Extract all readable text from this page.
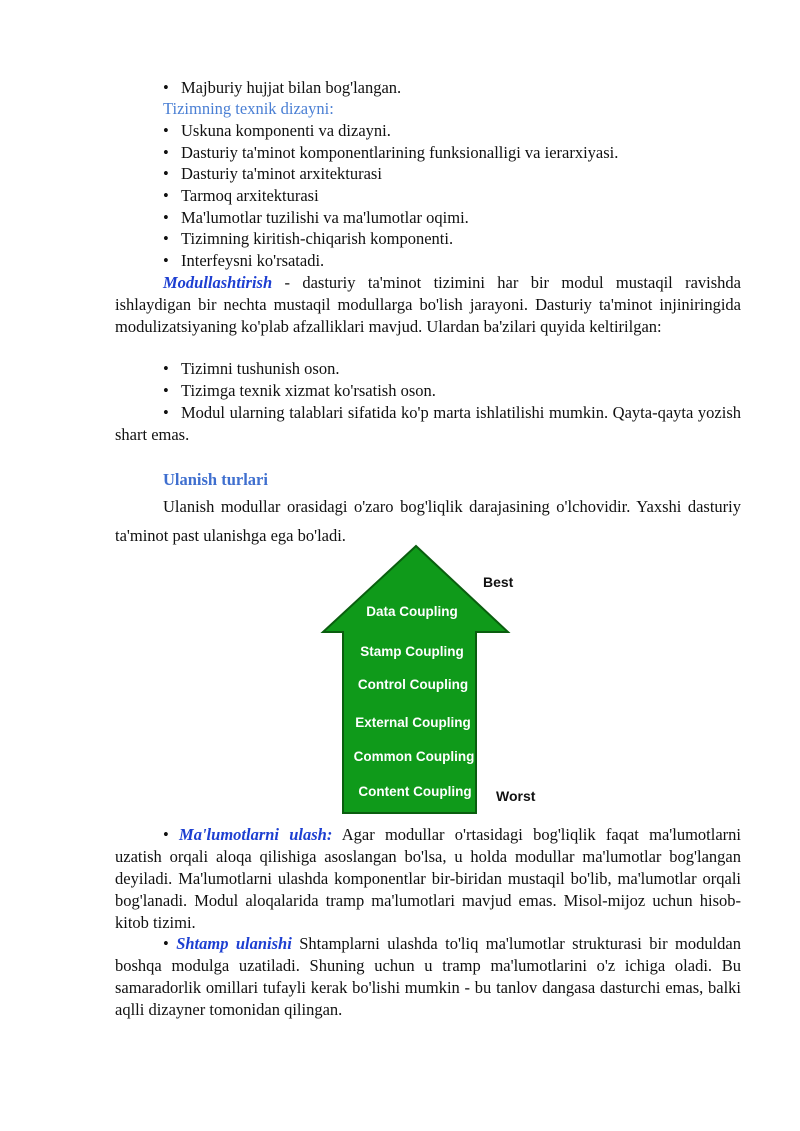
• Majburiy hujjat bilan bog'langan.
Tizimning texnik dizayni:
• Uskuna komponenti va dizayni.
• Dasturiy ta'minot komponentlarining funksionalligi va ierarxiyasi.
• Dasturiy ta'minot arxitekturasi
• Tarmoq arxitekturasi
• Ma'lumotlar tuzilishi va ma'lumotlar oqimi.
• Tizimning kiritish-chiqarish komponenti.
• Interfeysni ko'rsatadi.
Modullashtirish - dasturiy ta'minot tizimini har bir modul mustaqil ravishda ishlaydigan bir nechta mustaqil modullarga bo'lish jarayoni. Dasturiy ta'minot injiniringida modulizatsiyaning ko'plab afzalliklari mavjud. Ulardan ba'zilari quyida keltirilgan:
• Tizimni tushunish oson.
• Tizimga texnik xizmat ko'rsatish oson.
• Modul ularning talablari sifatida ko'p marta ishlatilishi mumkin. Qayta-qayta yozish shart emas.
Ulanish turlari
Ulanish modullar orasidagi o'zaro bog'liqlik darajasining o'lchovidir. Yaxshi dasturiy ta'minot past ulanishga ega bo'ladi.
Best
Worst
Data Coupling
Stamp Coupling
Control Coupling
External Coupling
Common Coupling
Content Coupling
• Ma'lumotlarni ulash: Agar modullar o'rtasidagi bog'liqlik faqat ma'lumotlarni uzatish orqali aloqa qilishiga asoslangan bo'lsa, u holda modullar ma'lumotlar bog'langan deyiladi. Ma'lumotlarni ulashda komponentlar bir-biridan mustaqil bo'lib, ma'lumotlar orqali bog'lanadi. Modul aloqalarida tramp ma'lumotlari mavjud emas. Misol-mijoz uchun hisob-kitob tizimi.
• Shtamp ulanishi Shtamplarni ulashda to'liq ma'lumotlar strukturasi bir moduldan boshqa modulga uzatiladi. Shuning uchun u tramp ma'lumotlarini o'z ichiga oladi. Bu samaradorlik omillari tufayli kerak bo'lishi mumkin - bu tanlov dangasa dasturchi emas, balki aqlli dizayner tomonidan qilingan.
